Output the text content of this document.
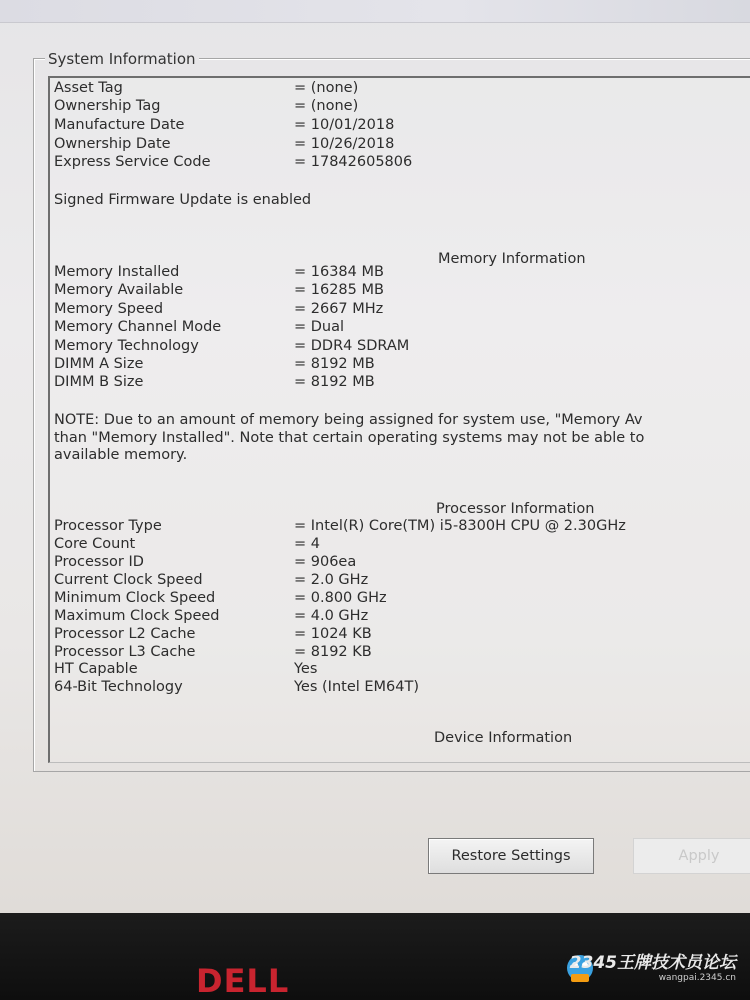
System Information
Asset Tag	= (none)
Ownership Tag	= (none)
Manufacture Date	= 10/01/2018
Ownership Date	= 10/26/2018
Express Service Code	= 17842605806
Signed Firmware Update is enabled
Memory Information
Memory Installed	= 16384 MB
Memory Available	= 16285 MB
Memory Speed	= 2667 MHz
Memory Channel Mode	= Dual
Memory Technology	= DDR4 SDRAM
DIMM A Size	= 8192 MB
DIMM B Size	= 8192 MB
NOTE: Due to an amount of memory being assigned for system use, "Memory Av
than "Memory Installed". Note that certain operating systems may not be able to
available memory.
Processor Information
Processor Type	= Intel(R) Core(TM) i5-8300H CPU @ 2.30GHz
Core Count	= 4
Processor ID	= 906ea
Current Clock Speed	= 2.0 GHz
Minimum Clock Speed	= 0.800 GHz
Maximum Clock Speed	= 4.0 GHz
Processor L2 Cache	= 1024 KB
Processor L3 Cache	= 8192 KB
HT Capable	Yes
64-Bit Technology	Yes (Intel EM64T)
Device Information
Restore Settings	Apply
DELL	2345王牌技术员论坛
wangpai.2345.cn
